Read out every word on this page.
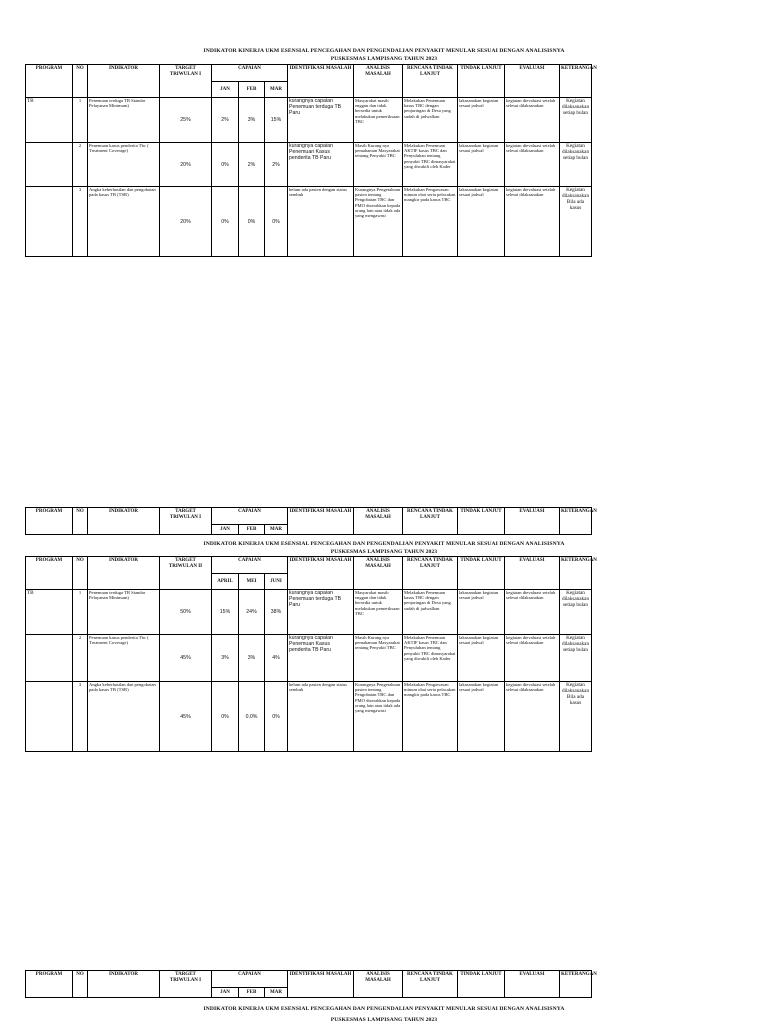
INDIKATOR KINERJA UKM ESENSIAL PENCEGAHAN DAN PENGENDALIAN PENYAKIT MENULAR SESUAI DENGAN ANALISISNYA
PUSKESMAS LAMPISANG TAHUN 2023
PROGRAM	NO	INDIKATOR	TARGET TRIWULAN I	CAPAIAN			IDENTIFIKASI MASALAH	ANALISIS MASALAH	RENCANA TINDAK LANJUT	TINDAK LANJUT	EVALUASI	KETERANGAN
				JAN	FEB	MAR						
TB	1	Penemuan terduga TB Standar Pelayanan Minimum)	25%	2%	3%	15%	kurangnya capaian Penemuan terduga TB Paru	Masyarakat masih enggan dan tidak bersedia untuk melakukan pemeriksaan TBC	Melakukan Penemuan kasus TBC dengan penjaringan di Desa yang sudah di jadwalkan	lakasanakan kegiatan sesuai jadwal	kegiatan dievaluasi setelah selesai dilaksanakan	Kegiatan dilaksanakan setiap bulan
	2	Penemuan kasus penderita Tbc ( Treatment Coverage)	20%	0%	2%	2%	kurangnya capaian Penemuan Kasus penderita TB Paru	Masih Kurang nya pemahaman Masyarakat tentang Penyakit TBC	Melakukan Penemuan AKTIF kasus TBC dan Penyuluhan tentang penyakit TBC dimasyarakat yang diwakili oleh Kader	lakasanakan kegiatan sesuai jadwal	kegiatan dievaluasi setelah selesai dilaksanakan	Kegiatan dilaksanakan setiap bulan
	3	Angka keberhasilan dan pengobatan pada kasus TB (TSR)	20%	0%	0%	0%	belum ada pasien dengan status sembuh	Kurangnya Pengetahuan pasien tentang Pengobatan TBC dan PMO diserahkan kepada orang lain atau tidak ada yang mengawasi	Melakukan Pengawasan minum obat serta pelacakan mangkir pada kasus TBC	lakasanakan kegiatan sesuai jadwal	kegiatan dievaluasi setelah selesai dilaksanakan	Kegiatan dilaksanakan Bila ada kasus
PROGRAM	NO	INDIKATOR	TARGET TRIWULAN I	CAPAIAN			IDENTIFIKASI MASALAH	ANALISIS MASALAH	RENCANA TINDAK LANJUT	TINDAK LANJUT	EVALUASI	KETERANGAN
				JAN	FEB	MAR						
INDIKATOR KINERJA UKM ESENSIAL PENCEGAHAN DAN PENGENDALIAN PENYAKIT MENULAR SESUAI DENGAN ANALISISNYA
PUSKESMAS LAMPISANG TAHUN 2023
PROGRAM	NO	INDIKATOR	TARGET TRIWULAN II	CAPAIAN			IDENTIFIKASI MASALAH	ANALISIS MASALAH	RENCANA TINDAK LANJUT	TINDAK LANJUT	EVALUASI	KETERANGAN
				APRIL	MEI	JUNI						
TB	1	Penemuan terduga TB Standar Pelayanan Minimum)	50%	15%	24%	38%	kurangnya capaian Penemuan terduga TB Paru	Masyarakat masih enggan dan tidak bersedia untuk melakukan pemeriksaan TBC	Melakukan Penemuan kasus TBC dengan penjaringan di Desa yang sudah di jadwalkan	lakasanakan kegiatan sesuai jadwal	kegiatan dievaluasi setelah selesai dilaksanakan	Kegiatan dilaksanakan setiap bulan
	2	Penemuan kasus penderita Tbc ( Treatment Coverage)	45%	3%	3%	4%	kurangnya capaian Penemuan Kasus penderita TB Paru	Masih Kurang nya pemahaman Masyarakat tentang Penyakit TBC	Melakukan Penemuan AKTIF kasus TBC dan Penyuluhan tentang penyakit TBC dimasyarakat yang diwakili oleh Kader	lakasanakan kegiatan sesuai jadwal	kegiatan dievaluasi setelah selesai dilaksanakan	Kegiatan dilaksanakan setiap bulan
	3	Angka keberhasilan dan pengobatan pada kasus TB (TSR)	45%	0%	0.0%	0%	belum ada pasien dengan status sembuh	Kurangnya Pengetahuan pasien tentang Pengobatan TBC dan PMO diserahkan kepada orang lain atau tidak ada yang mengawasi	Melakukan Pengawasan minum obat serta pelacakan mangkir pada kasus TBC	lakasanakan kegiatan sesuai jadwal	kegiatan dievaluasi setelah selesai dilaksanakan	Kegiatan dilaksanakan Bila ada kasus
PROGRAM	NO	INDIKATOR	TARGET TRIWULAN I	CAPAIAN			IDENTIFIKASI MASALAH	ANALISIS MASALAH	RENCANA TINDAK LANJUT	TINDAK LANJUT	EVALUASI	KETERANGAN
				JAN	FEB	MAR						
INDIKATOR KINERJA UKM ESENSIAL PENCEGAHAN DAN PENGENDALIAN PENYAKIT MENULAR SESUAI DENGAN ANALISISNYA
PUSKESMAS LAMPISANG TAHUN 2023
